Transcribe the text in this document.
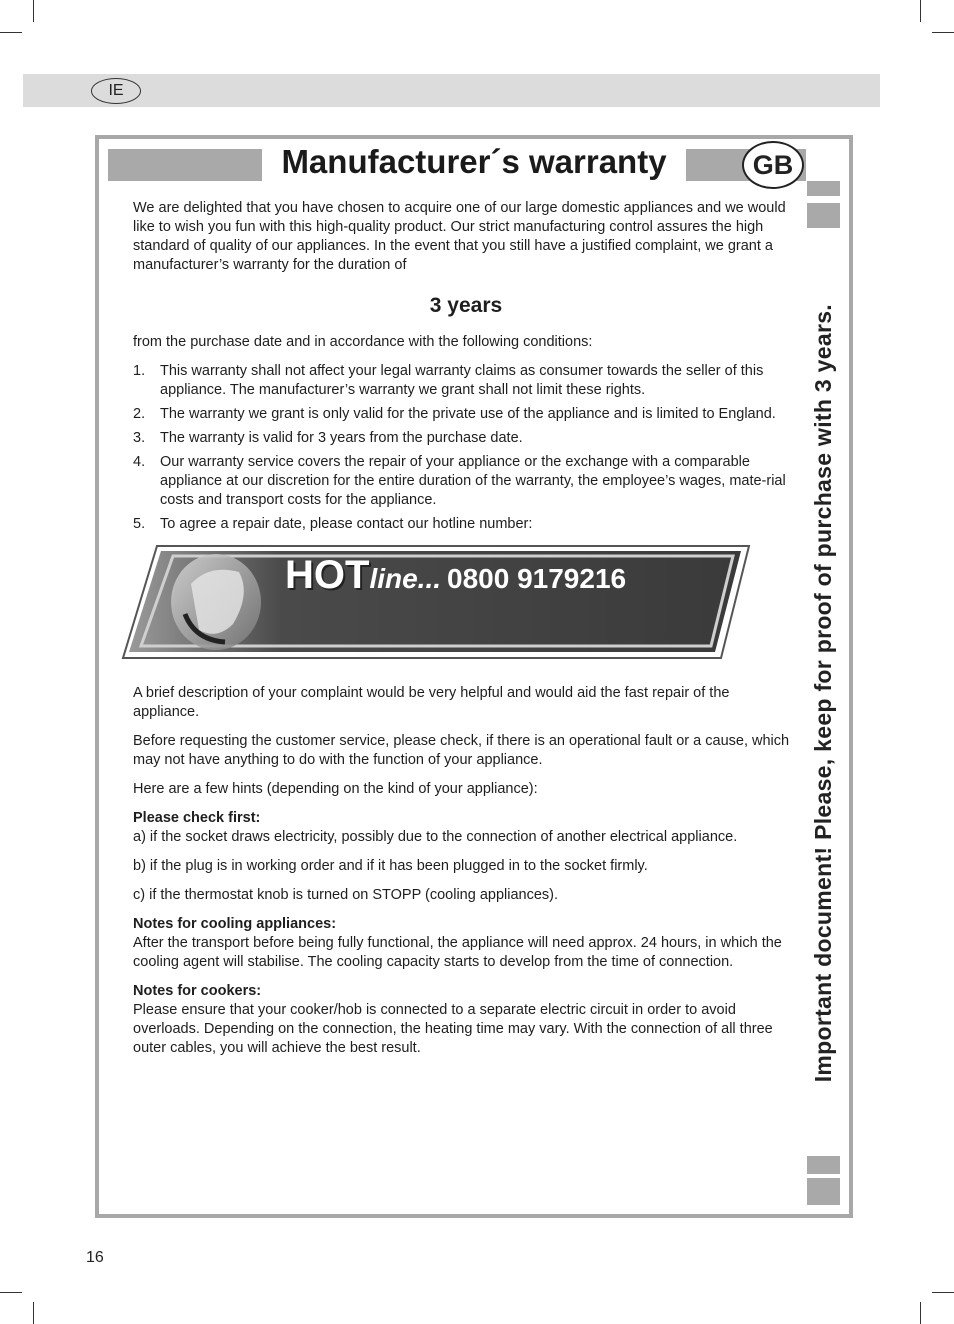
IE
Manufacturer´s warranty	GB
Important document! Please, keep for proof of purchase with 3 years.

We are delighted that you have chosen to acquire one of our large domestic appliances and we would like to wish you fun with this high-quality product. Our strict manufacturing control assures the high standard of quality of our appliances. In the event that you still have a justified complaint, we grant a manufacturer’s warranty for the duration of

3 years

from the purchase date and in accordance with the following conditions:

1. This warranty shall not affect your legal warranty claims as consumer towards the seller of this appliance. The manufacturer’s warranty we grant shall not limit these rights.
2. The warranty we grant is only valid for the private use of the appliance and is limited to England.
3. The warranty is valid for 3 years from the purchase date.
4. Our warranty service covers the repair of your appliance or the exchange with a comparable appliance at our discretion for the entire duration of the warranty, the employee’s wages, mate-rial costs and transport costs for the appliance.
5. To agree a repair date, please contact our hotline number:
HOTline... 0800 9179216

A brief description of your complaint would be very helpful and would aid the fast repair of the appliance.

Before requesting the customer service, please check, if there is an operational fault or a cause, which may not have anything to do with the function of your appliance.

Here are a few hints (depending on the kind of your appliance):

Please check first:
a) if the socket draws electricity, possibly due to the connection of another electrical appliance.

b) if the plug is in working order and if it has been plugged in to the socket firmly.

c) if the thermostat knob is turned on STOPP (cooling appliances).

Notes for cooling appliances:
After the transport before being fully functional, the appliance will need approx. 24 hours, in which the cooling agent will stabilise. The cooling capacity starts to develop from the time of connection.

Notes for cookers:
Please ensure that your cooker/hob is connected to a separate electric circuit in order to avoid overloads. Depending on the connection, the heating time may vary. With the connection of all three outer cables, you will achieve the best result.

16
